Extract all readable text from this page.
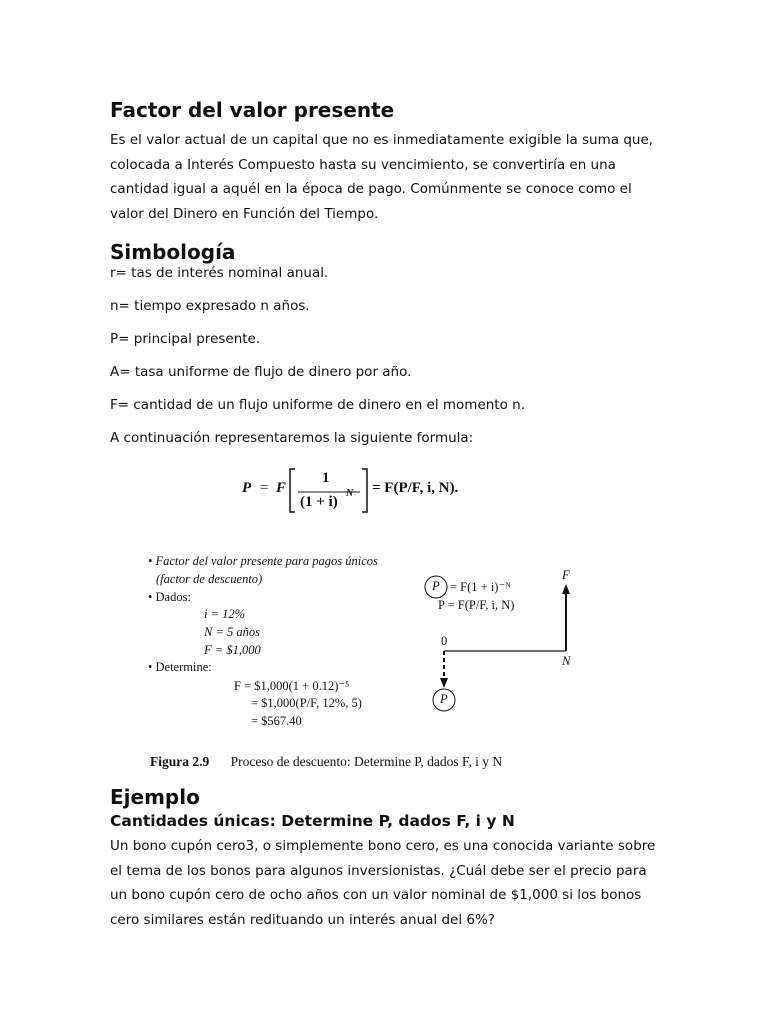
Factor del valor presente

Es el valor actual de un capital que no es inmediatamente exigible la suma que, colocada a Interés Compuesto hasta su vencimiento, se convertiría en una cantidad igual a aquél en la época de pago. Comúnmente se conoce como el valor del Dinero en Función del Tiempo.

Simbología

r= tas de interés nominal anual.

n= tiempo expresado n años.

P= principal presente.

A= tasa uniforme de flujo de dinero por año.

F= cantidad de un flujo uniforme de dinero en el momento n.

A continuación representaremos la siguiente formula:

P = F
1
(1 + i)
N = F(P/F, i, N).
• Factor del valor presente para pagos únicos
(factor de descuento)
• Dados:
i = 12%
N = 5 años
F = $1,000
• Determine:
F = $1,000(1 + 0.12)⁻⁵
= $1,000(P/F, 12%, 5)
= $567.40
P = F(1 + i)⁻ᴺ
P = F(P/F, i, N)
F
0
N
P
Figura 2.9 Proceso de descuento: Determine P, dados F, i y N
Ejemplo
Cantidades únicas: Determine P, dados F, i y N

Un bono cupón cero3, o simplemente bono cero, es una conocida variante sobre el tema de los bonos para algunos inversionistas. ¿Cuál debe ser el precio para un bono cupón cero de ocho años con un valor nominal de $1,000 si los bonos cero similares están redituando un interés anual del 6%?
